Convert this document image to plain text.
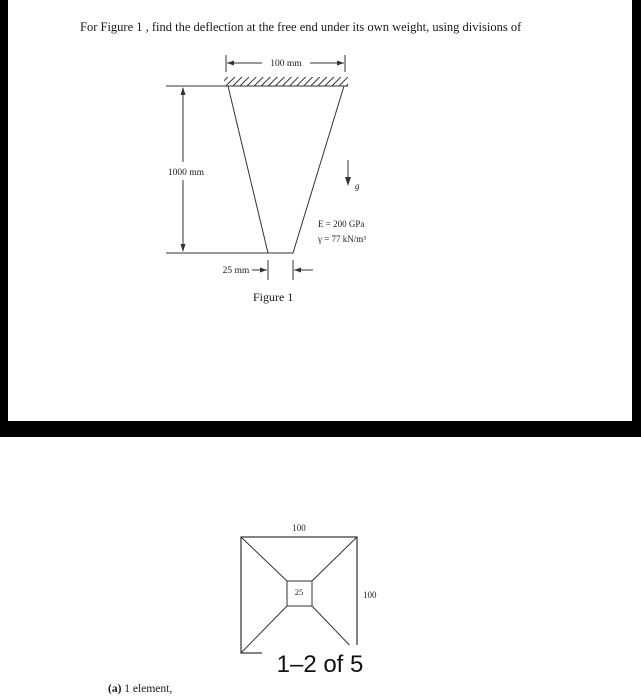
For Figure 1 , find the deflection at the free end under its own weight, using divisions of
100 mm
1000 mm
25 mm
g
E = 200 GPa
γ = 77 kN/m³
Figure 1
100
25	100
1–2 of 5
(a) 1 element,
